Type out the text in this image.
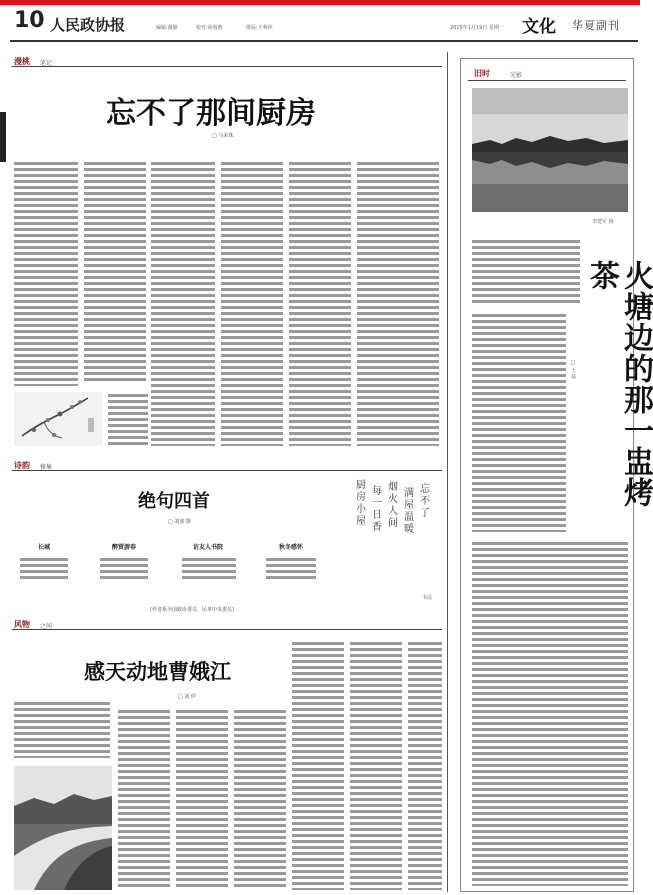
10 人民政协报	编辑:谢颖	校对:胡蓉蓉	排版:王利萍	2015年1月19日 星期一 文化 华夏副刊
漫桃 笔记
忘不了那间厨房
□ 马荣珠
诗韵 雅集
绝句四首
□ 刘波 撰
长城	醉赏游春	访友人书院	秋冬感怀
(作者系全国政协委员、民革中央委员)
厨房小屋
每一日香
烟火人间
满屋温暖
忘不了
书法
风物 之间
感天动地曹娥江
□ 刘 伊
旧时	光影
李建军 摄
火塘边的那一盅烤茶
□ 王 琼
